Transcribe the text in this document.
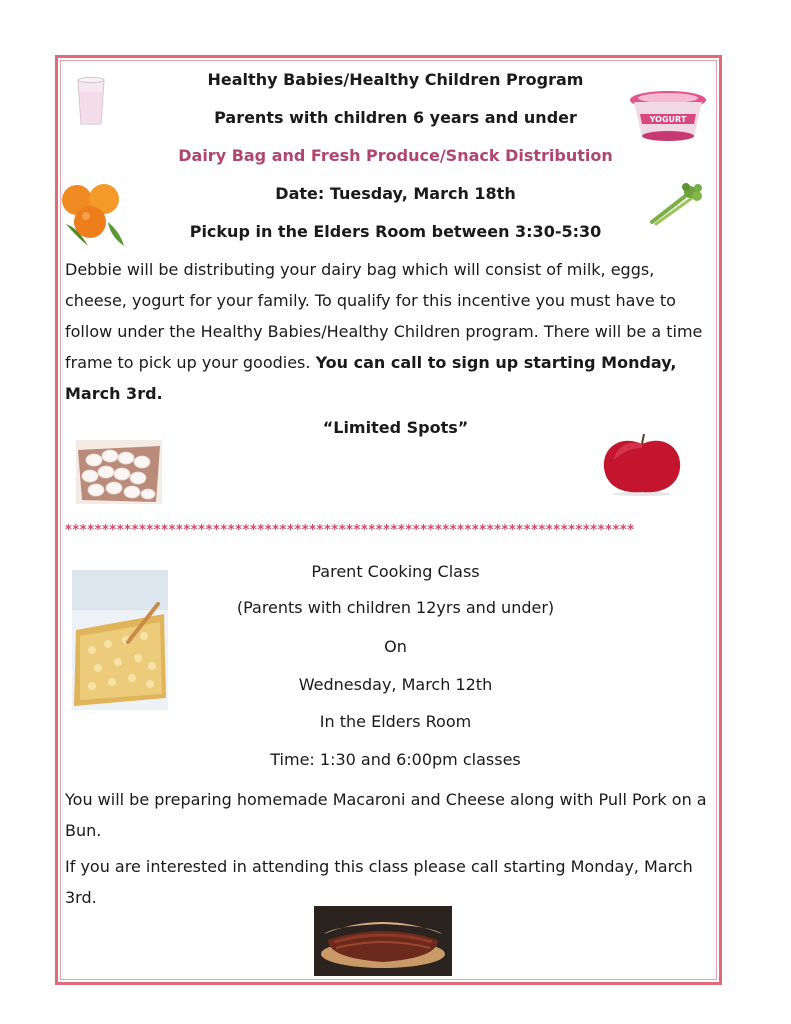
YOGURT
Healthy Babies/Healthy Children Program
Parents with children 6 years and under
Dairy Bag and Fresh Produce/Snack Distribution
Date: Tuesday, March 18th
Pickup in the Elders Room between 3:30-5:30
Debbie will be distributing your dairy bag which will consist of milk, eggs, cheese, yogurt for your family. To qualify for this incentive you must have to follow under the Healthy Babies/Healthy Children program. There will be a time frame to pick up your goodies. You can call to sign up starting Monday, March 3rd.
“Limited Spots”
*****************************************************************************
Parent Cooking Class
(Parents with children 12yrs and under)
On
Wednesday, March 12th
In the Elders Room
Time: 1:30 and 6:00pm classes
You will be preparing homemade Macaroni and Cheese along with Pull Pork on a Bun.
If you are interested in attending this class please call starting Monday, March 3rd.
